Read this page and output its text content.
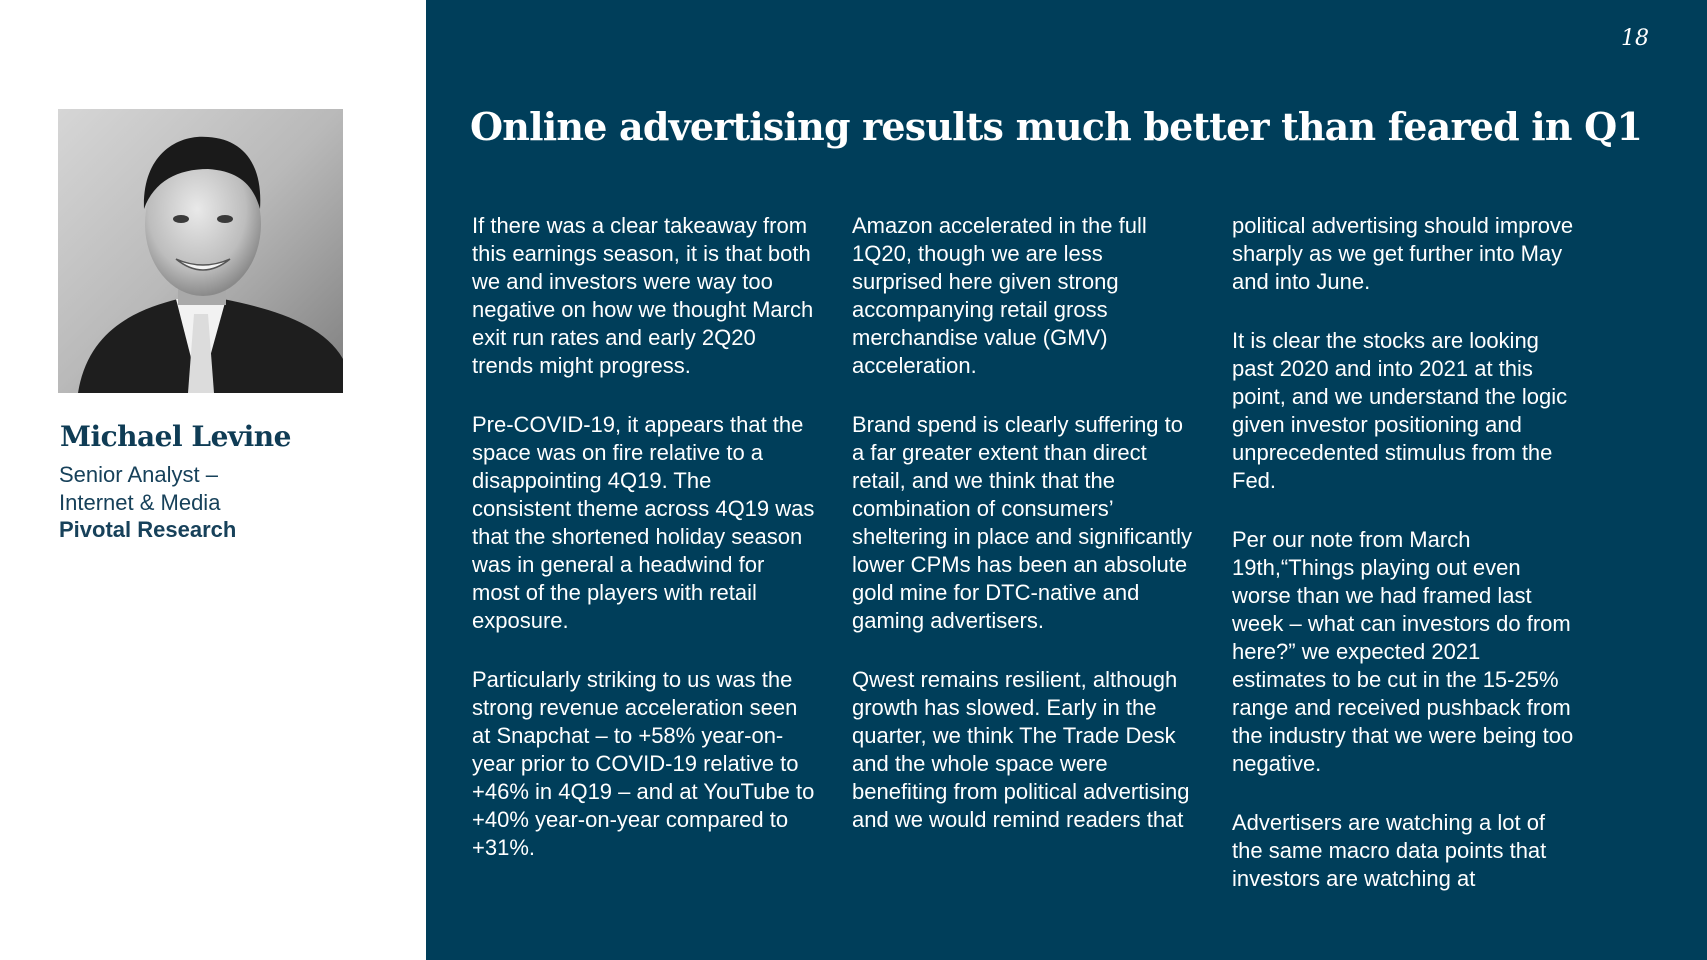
Michael Levine
Senior Analyst –
Internet & Media
Pivotal Research
18
Online advertising results much better than feared in Q1

If there was a clear takeaway from this earnings season, it is that both we and investors were way too negative on how we thought March exit run rates and early 2Q20 trends might progress.

Pre-COVID-19, it appears that the space was on fire relative to a disappointing 4Q19. The consistent theme across 4Q19 was that the shortened holiday season was in general a headwind for most of the players with retail exposure.

Particularly striking to us was the strong revenue acceleration seen at Snapchat – to +58% year-on-year prior to COVID-19 relative to +46% in 4Q19 – and at YouTube to +40% year-on-year compared to +31%.

Amazon accelerated in the full 1Q20, though we are less surprised here given strong accompanying retail gross merchandise value (GMV) acceleration.

Brand spend is clearly suffering to a far greater extent than direct retail, and we think that the combination of consumers’ sheltering in place and significantly lower CPMs has been an absolute gold mine for DTC-native and gaming advertisers.

Qwest remains resilient, although growth has slowed. Early in the quarter, we think The Trade Desk and the whole space were benefiting from political advertising and we would remind readers that

political advertising should improve sharply as we get further into May and into June.

It is clear the stocks are looking past 2020 and into 2021 at this point, and we understand the logic given investor positioning and unprecedented stimulus from the Fed.

Per our note from March 19th,“Things playing out even worse than we had framed last week – what can investors do from here?” we expected 2021 estimates to be cut in the 15-25% range and received pushback from the industry that we were being too negative.

Advertisers are watching a lot of the same macro data points that investors are watching at
